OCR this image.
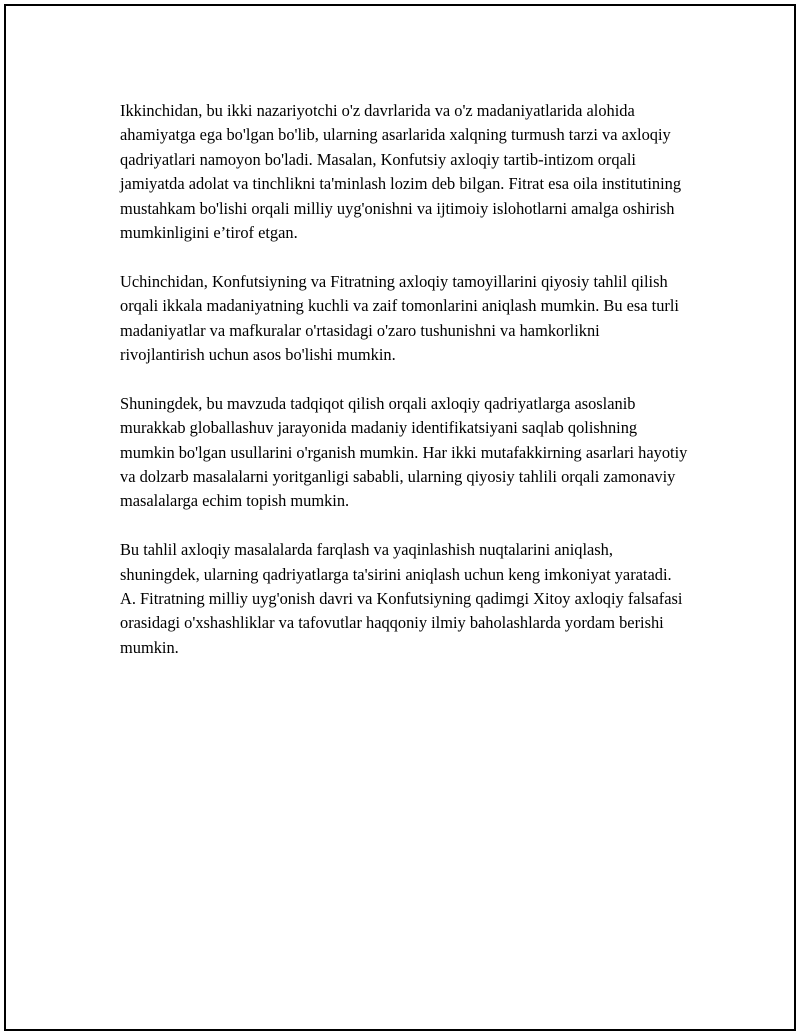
Ikkinchidan, bu ikki nazariyotchi o'z davrlarida va o'z madaniyatlarida alohida ahamiyatga ega bo'lgan bo'lib, ularning asarlarida xalqning turmush tarzi va axloqiy qadriyatlari namoyon bo'ladi. Masalan, Konfutsiy axloqiy tartib-intizom orqali jamiyatda adolat va tinchlikni ta'minlash lozim deb bilgan. Fitrat esa oila institutining mustahkam bo'lishi orqali milliy uyg'onishni va ijtimoiy islohotlarni amalga oshirish mumkinligini e’tirof etgan.

Uchinchidan, Konfutsiyning va Fitratning axloqiy tamoyillarini qiyosiy tahlil qilish orqali ikkala madaniyatning kuchli va zaif tomonlarini aniqlash mumkin. Bu esa turli madaniyatlar va mafkuralar o'rtasidagi o'zaro tushunishni va hamkorlikni rivojlantirish uchun asos bo'lishi mumkin.

Shuningdek, bu mavzuda tadqiqot qilish orqali axloqiy qadriyatlarga asoslanib murakkab globallashuv jarayonida madaniy identifikatsiyani saqlab qolishning mumkin bo'lgan usullarini o'rganish mumkin. Har ikki mutafakkirning asarlari hayotiy va dolzarb masalalarni yoritganligi sababli, ularning qiyosiy tahlili orqali zamonaviy masalalarga echim topish mumkin.

Bu tahlil axloqiy masalalarda farqlash va yaqinlashish nuqtalarini aniqlash, shuningdek, ularning qadriyatlarga ta'sirini aniqlash uchun keng imkoniyat yaratadi. A. Fitratning milliy uyg'onish davri va Konfutsiyning qadimgi Xitoy axloqiy falsafasi orasidagi o'xshashliklar va tafovutlar haqqoniy ilmiy baholashlarda yordam berishi mumkin.
